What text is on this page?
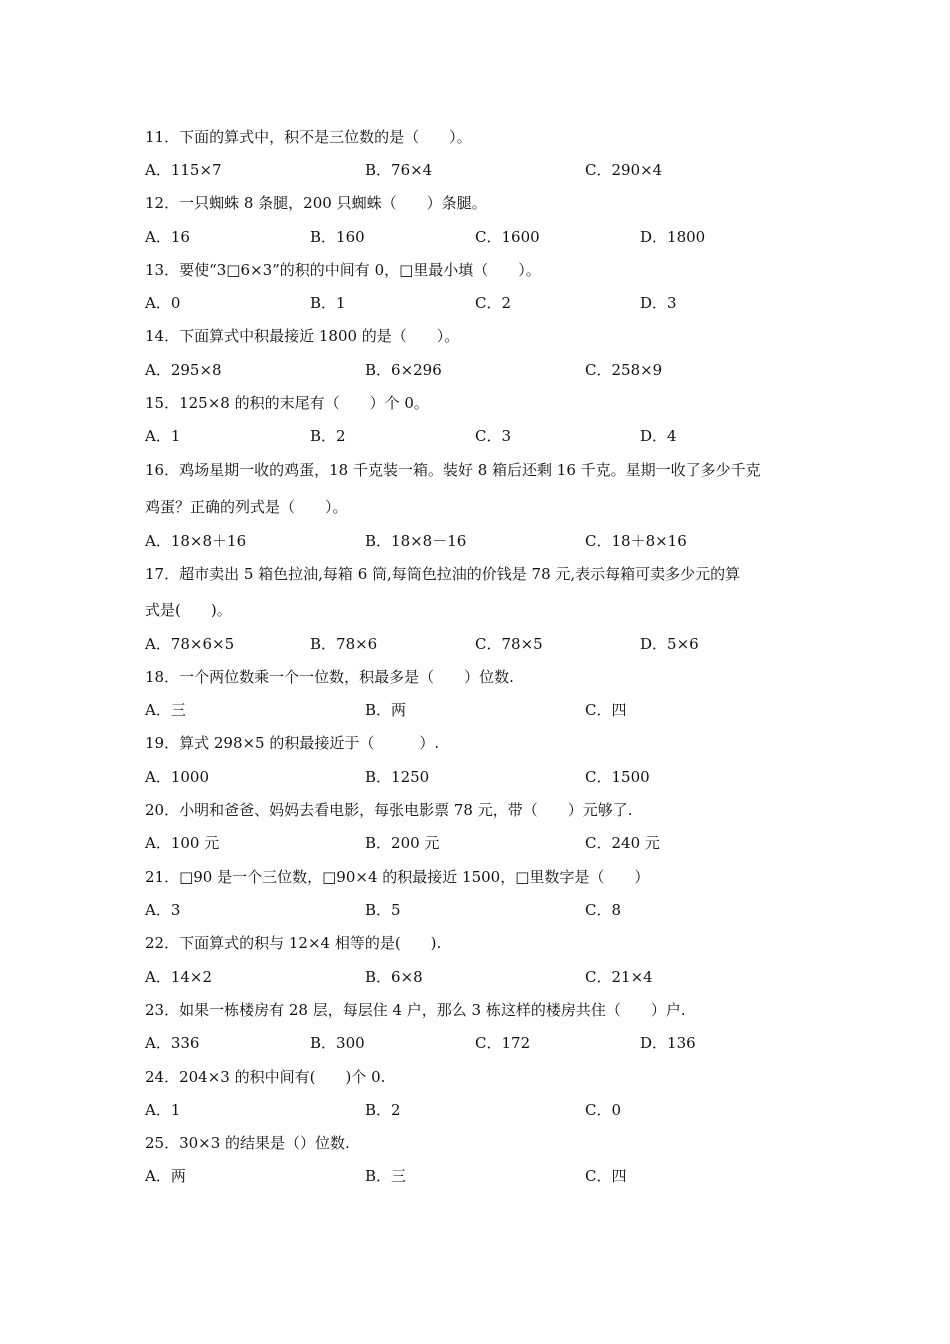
11．下面的算式中，积不是三位数的是（　　）。
A．115×7	B．76×4	C．290×4
12．一只蜘蛛 8 条腿，200 只蜘蛛（　　）条腿。
A．16	B．160	C．1600	D．1800
13．要使“3□6×3”的积的中间有 0，□里最小填（　　）。
A．0	B．1	C．2	D．3
14．下面算式中积最接近 1800 的是（　　）。
A．295×8	B．6×296	C．258×9
15．125×8 的积的末尾有（　　）个 0。
A．1	B．2	C．3	D．4
16．鸡场星期一收的鸡蛋，18 千克装一箱。装好 8 箱后还剩 16 千克。星期一收了多少千克
鸡蛋？正确的列式是（　　）。
A．18×8＋16	B．18×8－16	C．18＋8×16
17．超市卖出 5 箱色拉油,每箱 6 筒,每筒色拉油的价钱是 78 元,表示每箱可卖多少元的算
式是(　　)。
A．78×6×5	B．78×6	C．78×5	D．5×6
18．一个两位数乘一个一位数，积最多是（　　）位数.
A．三	B．两	C．四
19．算式 298×5 的积最接近于（　　　）.
A．1000	B．1250	C．1500
20．小明和爸爸、妈妈去看电影，每张电影票 78 元，带（　　）元够了.
A．100 元	B．200 元	C．240 元
21．□90 是一个三位数，□90×4 的积最接近 1500，□里数字是（　　）
A．3	B．5	C．8
22．下面算式的积与 12×4 相等的是(　　).
A．14×2	B．6×8	C．21×4
23．如果一栋楼房有 28 层，每层住 4 户，那么 3 栋这样的楼房共住（　　）户.
A．336	B．300	C．172	D．136
24．204×3 的积中间有(　　)个 0.
A．1	B．2	C．0
25．30×3 的结果是（）位数.
A．两	B．三	C．四
